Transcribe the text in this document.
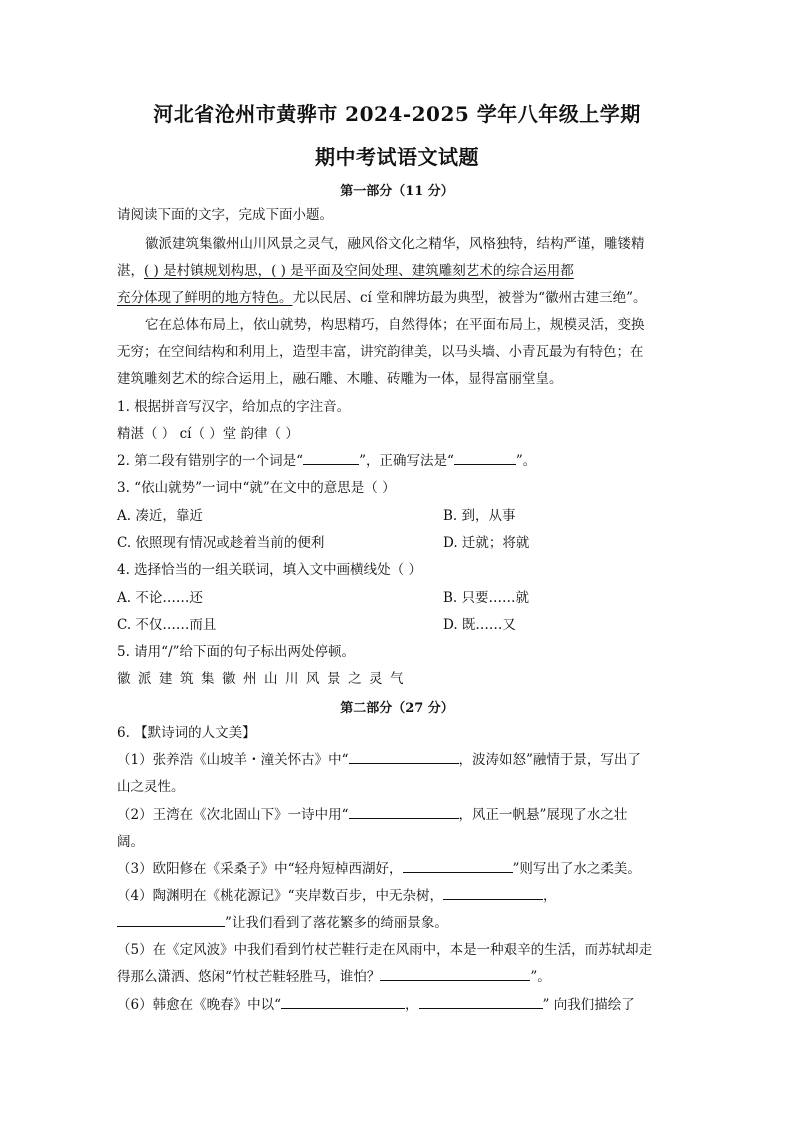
河北省沧州市黄骅市 2024-2025 学年八年级上学期
期中考试语文试题
第一部分（11 分）
请阅读下面的文字，完成下面小题。
徽派建筑集徽州山川风景之灵气，融风俗文化之精华，风格独特，结构严谨，雕镂精
湛，( ) 是村镇规划构思，( ) 是平面及空间处理、建筑雕刻艺术的综合运用都
充分体现了鲜明的地方特色。尤以民居、cí 堂和牌坊最为典型，被誉为“徽州古建三绝”。
它在总体布局上，依山就势，构思精巧，自然得体；在平面布局上，规模灵活，变换
无穷；在空间结构和利用上，造型丰富，讲究韵律美，以马头墙、小青瓦最为有特色；在
建筑雕刻艺术的综合运用上，融石雕、木雕、砖雕为一体，显得富丽堂皇。
1. 根据拼音写汉字，给加点的字注音。
精湛（ ） cí（ ）堂 韵律（ ）
2. 第二段有错别字的一个词是“	”，正确写法是“	”。
3. “依山就势”一词中“就”在文中的意思是（ ）
A. 凑近，靠近	B. 到，从事
C. 依照现有情况或趁着当前的便利	D. 迁就；将就
4. 选择恰当的一组关联词，填入文中画横线处（ ）
A. 不论……还	B. 只要……就
C. 不仅……而且	D. 既……又
5. 请用“/”给下面的句子标出两处停顿。
徽派建筑集徽州山川风景之灵气
第二部分（27 分）
6. 【默诗词的人文美】
（1）张养浩《山坡羊・潼关怀古》中“	，波涛如怒”融情于景，写出了
山之灵性。
（2）王湾在《次北固山下》一诗中用“	，风正一帆悬”展现了水之壮
阔。
（3）欧阳修在《采桑子》中“轻舟短棹西湖好，	”则写出了水之柔美。
（4）陶渊明在《桃花源记》“夹岸数百步，中无杂树，	，
”让我们看到了落花繁多的绮丽景象。
（5）在《定风波》中我们看到竹杖芒鞋行走在风雨中，本是一种艰辛的生活，而苏轼却走
得那么潇洒、悠闲“竹杖芒鞋轻胜马，谁怕？	”。
（6）韩愈在《晚春》中以“	，	” 向我们描绘了
